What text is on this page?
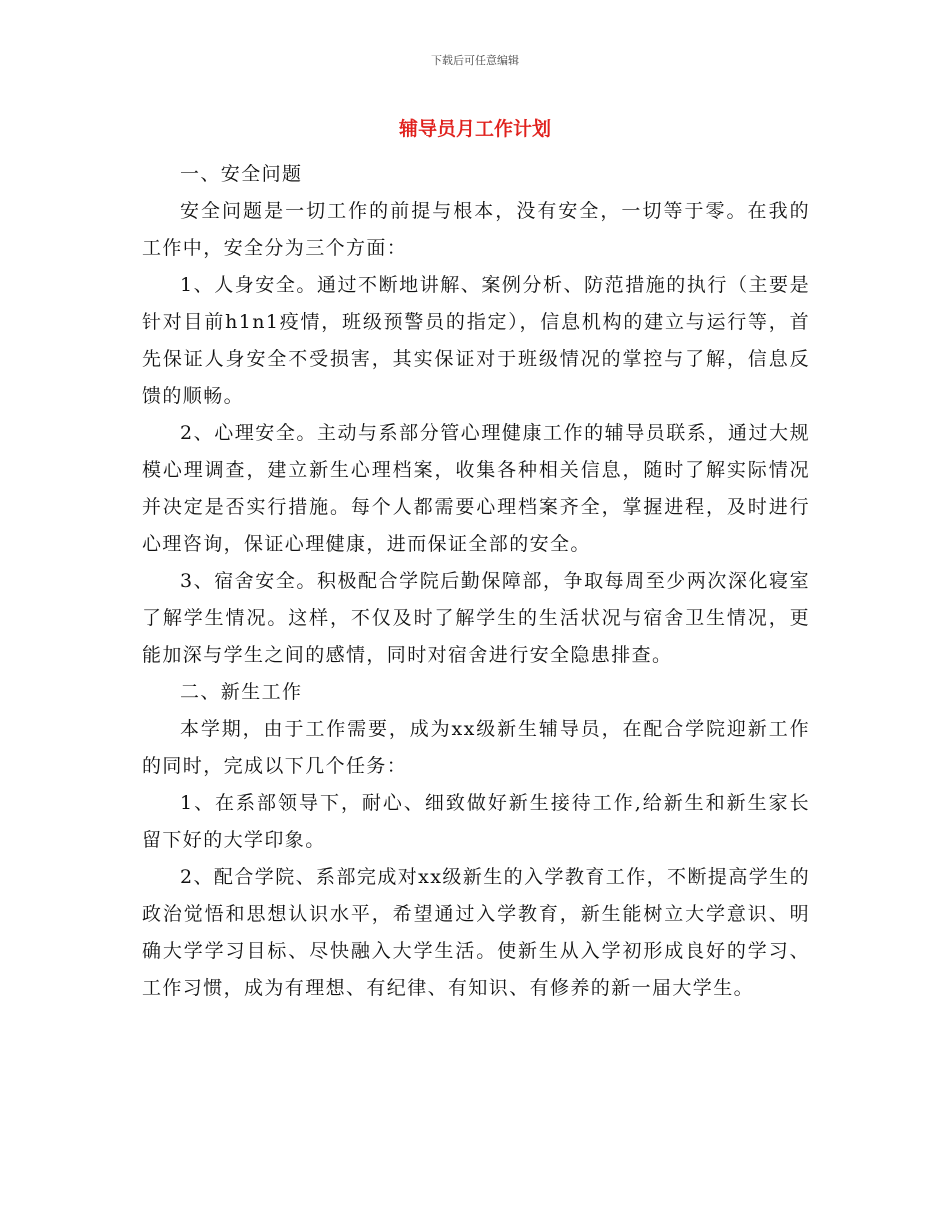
下载后可任意编辑
辅导员月工作计划

一、安全问题

安全问题是一切工作的前提与根本，没有安全，一切等于零。在我的工作中，安全分为三个方面：

1、人身安全。通过不断地讲解、案例分析、防范措施的执行（主要是针对目前h1n1疫情，班级预警员的指定），信息机构的建立与运行等，首先保证人身安全不受损害，其实保证对于班级情况的掌控与了解，信息反馈的顺畅。

2、心理安全。主动与系部分管心理健康工作的辅导员联系，通过大规模心理调查，建立新生心理档案，收集各种相关信息，随时了解实际情况并决定是否实行措施。每个人都需要心理档案齐全，掌握进程，及时进行心理咨询，保证心理健康，进而保证全部的安全。

3、宿舍安全。积极配合学院后勤保障部，争取每周至少两次深化寝室了解学生情况。这样，不仅及时了解学生的生活状况与宿舍卫生情况，更能加深与学生之间的感情，同时对宿舍进行安全隐患排查。

二、新生工作

本学期，由于工作需要，成为xx级新生辅导员，在配合学院迎新工作的同时，完成以下几个任务：

1、在系部领导下，耐心、细致做好新生接待工作,给新生和新生家长留下好的大学印象。

2、配合学院、系部完成对xx级新生的入学教育工作，不断提高学生的政治觉悟和思想认识水平，希望通过入学教育，新生能树立大学意识、明确大学学习目标、尽快融入大学生活。使新生从入学初形成良好的学习、工作习惯，成为有理想、有纪律、有知识、有修养的新一届大学生。
